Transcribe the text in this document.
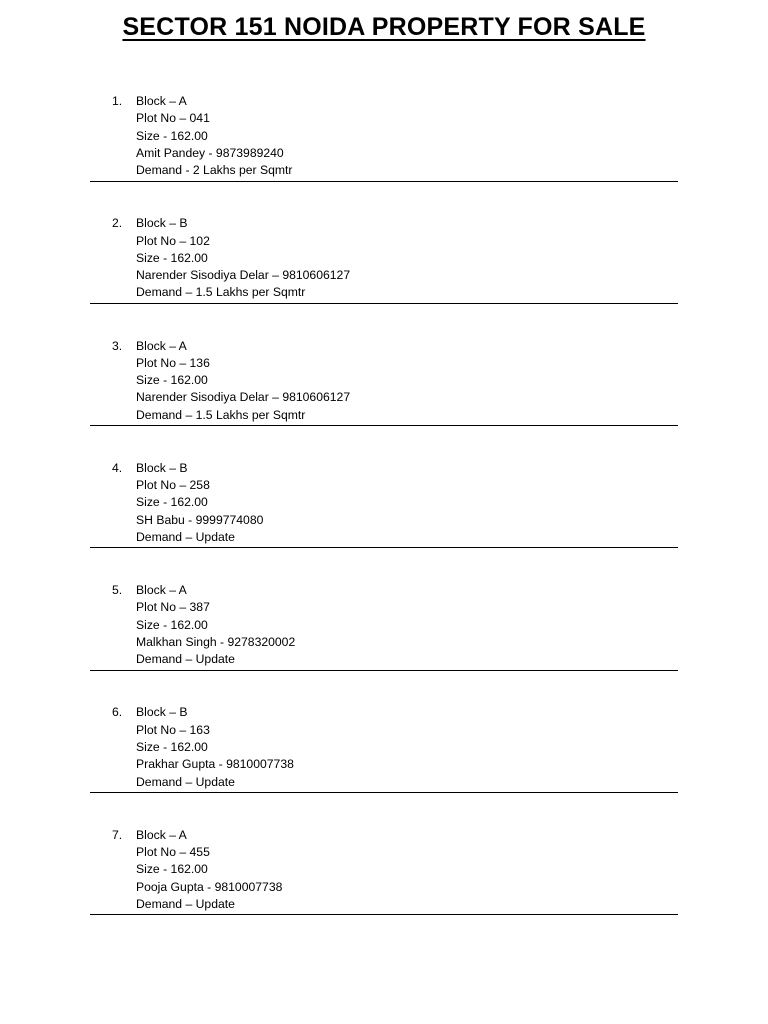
SECTOR 151 NOIDA PROPERTY FOR SALE
1. Block – A
Plot No – 041
Size - 162.00
Amit Pandey - 9873989240
Demand - 2 Lakhs per Sqmtr
2. Block – B
Plot No – 102
Size - 162.00
Narender Sisodiya Delar – 9810606127
Demand – 1.5 Lakhs per Sqmtr
3. Block – A
Plot No – 136
Size - 162.00
Narender Sisodiya Delar – 9810606127
Demand – 1.5 Lakhs per Sqmtr
4. Block – B
Plot No – 258
Size - 162.00
SH Babu - 9999774080
Demand – Update
5. Block – A
Plot No – 387
Size - 162.00
Malkhan Singh - 9278320002
Demand – Update
6. Block – B
Plot No – 163
Size - 162.00
Prakhar Gupta - 9810007738
Demand – Update
7. Block – A
Plot No – 455
Size - 162.00
Pooja Gupta - 9810007738
Demand – Update
